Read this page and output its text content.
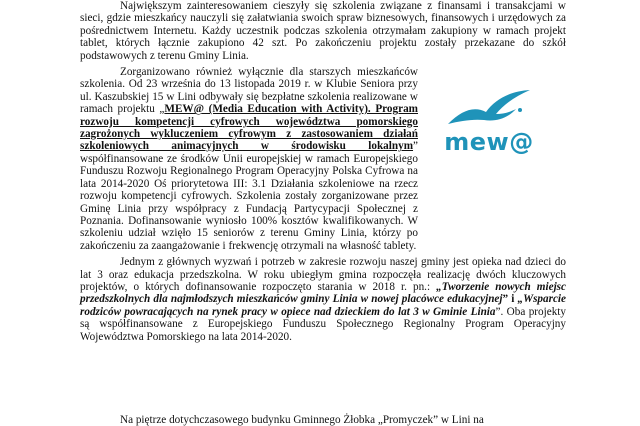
Największym zainteresowaniem cieszyły się szkolenia związane z finansami i transakcjami w sieci, gdzie mieszkańcy nauczyli się załatwiania swoich spraw biznesowych, finansowych i urzędowych za pośrednictwem Internetu. Każdy uczestnik podczas szkolenia otrzymałam zakupiony w ramach projekt tablet, których łącznie zakupiono 42 szt. Po zakończeniu projektu zostały przekazane do szkół podstawowych z terenu Gminy Linia.

Zorganizowano również wyłącznie dla starszych mieszkańców szkolenia. Od 23 września do 13 listopada 2019 r. w Klubie Seniora przy ul. Kaszubskiej 15 w Lini odbywały się bezpłatne szkolenia realizowane w ramach projektu „MEW@ (Media Education with Activity). Program rozwoju kompetencji cyfrowych województwa pomorskiego zagrożonych wykluczeniem cyfrowym z zastosowaniem działań szkoleniowych animacyjnych w środowisku lokalnym” współfinansowane ze środków Unii europejskiej w ramach Europejskiego Funduszu Rozwoju Regionalnego Program Operacyjny Polska Cyfrowa na lata 2014-2020 Oś priorytetowa III: 3.1 Działania szkoleniowe na rzecz rozwoju kompetencji cyfrowych. Szkolenia zostały zorganizowane przez Gminę Linia przy współpracy z Fundacją Partycypacji Społecznej z Poznania. Dofinansowanie wyniosło 100% kosztów kwalifikowanych. W szkoleniu udział wzięło 15 seniorów z terenu Gminy Linia, którzy po zakończeniu za zaangażowanie i frekwencję otrzymali na własność tablety.

Jednym z głównych wyzwań i potrzeb w zakresie rozwoju naszej gminy jest opieka nad dzieci do lat 3 oraz edukacja przedszkolna. W roku ubiegłym gmina rozpoczęła realizację dwóch kluczowych projektów, o których dofinansowanie rozpoczęto starania w 2018 r. pn.: „Tworzenie nowych miejsc przedszkolnych dla najmłodszych mieszkańców gminy Linia w nowej placówce edukacyjnej” i „Wsparcie rodziców powracających na rynek pracy w opiece nad dzieckiem do lat 3 w Gminie Linia”. Oba projekty są współfinansowane z Europejskiego Funduszu Społecznego Regionalny Program Operacyjny Województwa Pomorskiego na lata 2014-2020.

mew@
Na piętrze dotychczasowego budynku Gminnego Żłobka „Promyczek” w Lini na
